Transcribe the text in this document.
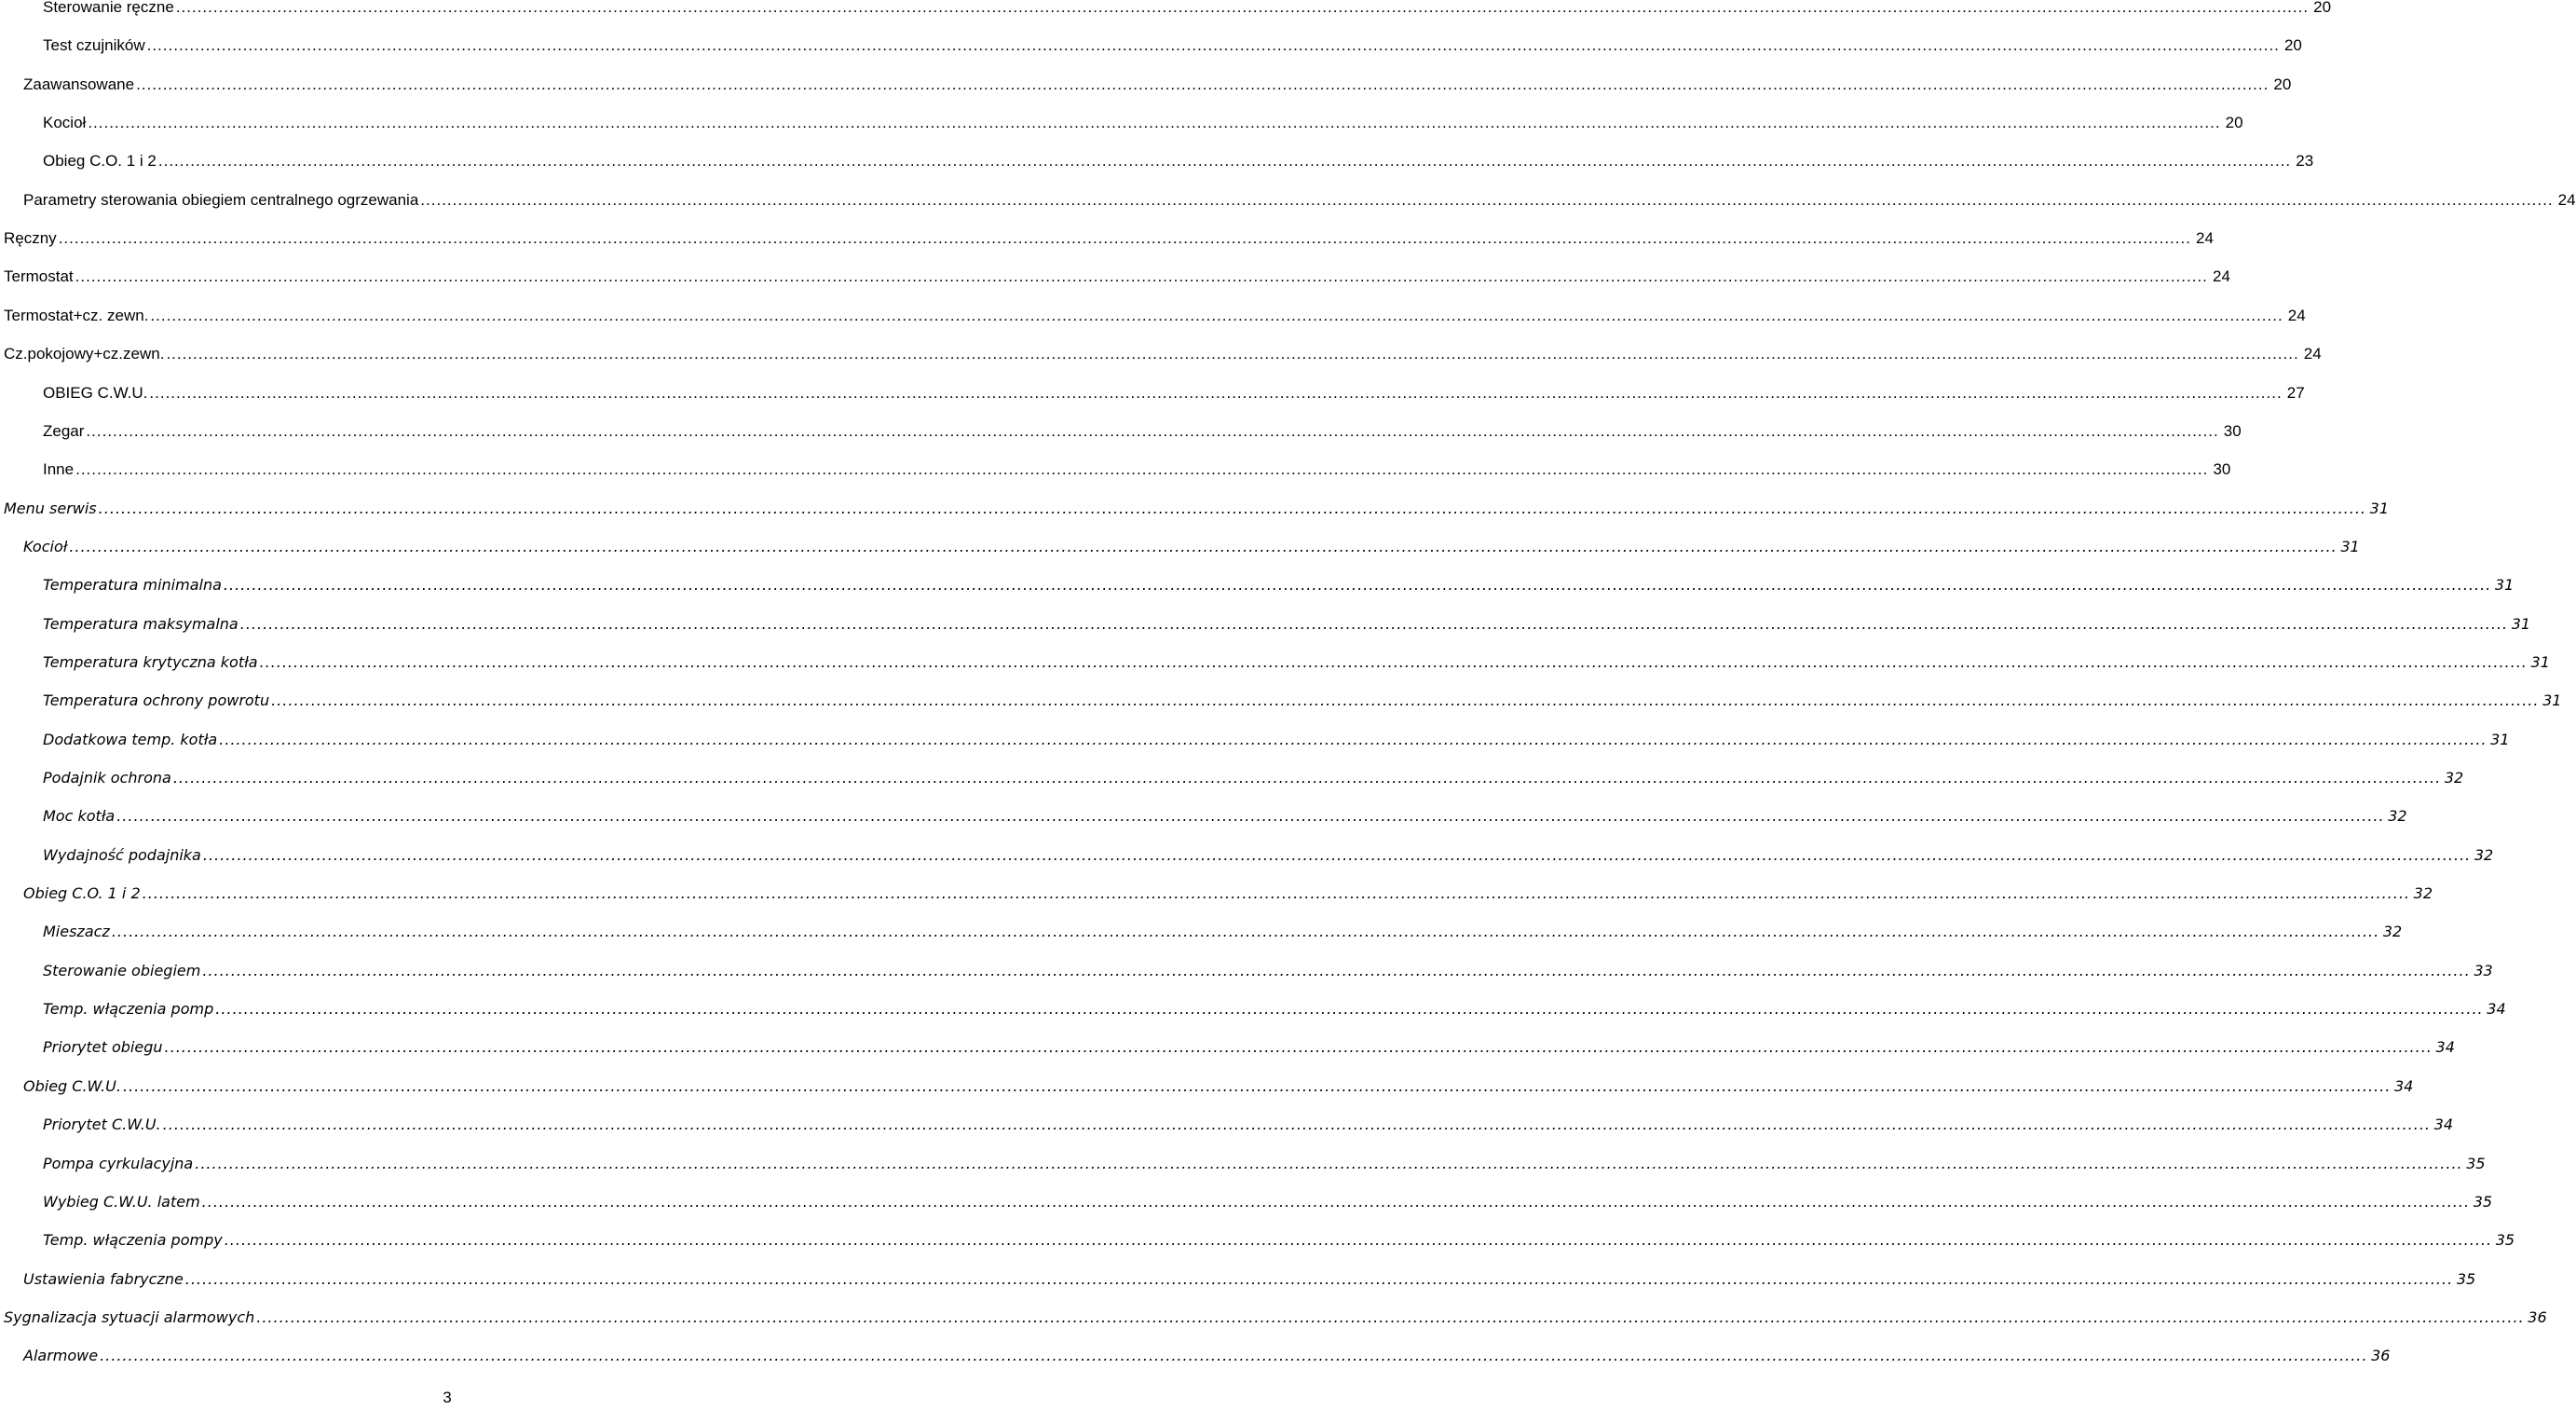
Sterowanie ręczne ................................................................................................................................................................................................................................................................................................................................................................................................................ 20
Test czujników ................................................................................................................................................................................................................................................................................................................................................................................................................ 20
Zaawansowane ................................................................................................................................................................................................................................................................................................................................................................................................................ 20
Kocioł ................................................................................................................................................................................................................................................................................................................................................................................................................ 20
Obieg C.O. 1 i 2 ................................................................................................................................................................................................................................................................................................................................................................................................................ 23
Parametry sterowania obiegiem centralnego ogrzewania ................................................................................................................................................................................................................................................................................................................................................................................................................ 24
Ręczny ................................................................................................................................................................................................................................................................................................................................................................................................................ 24
Termostat ................................................................................................................................................................................................................................................................................................................................................................................................................ 24
Termostat+cz. zewn. ................................................................................................................................................................................................................................................................................................................................................................................................................ 24
Cz.pokojowy+cz.zewn. ................................................................................................................................................................................................................................................................................................................................................................................................................ 24
OBIEG C.W.U. ................................................................................................................................................................................................................................................................................................................................................................................................................ 27
Zegar ................................................................................................................................................................................................................................................................................................................................................................................................................ 30
Inne ................................................................................................................................................................................................................................................................................................................................................................................................................ 30
Menu serwis ................................................................................................................................................................................................................................................................................................................................................................................................................ 31
Kocioł ................................................................................................................................................................................................................................................................................................................................................................................................................ 31
Temperatura minimalna ................................................................................................................................................................................................................................................................................................................................................................................................................ 31
Temperatura maksymalna ................................................................................................................................................................................................................................................................................................................................................................................................................ 31
Temperatura krytyczna kotła ................................................................................................................................................................................................................................................................................................................................................................................................................ 31
Temperatura ochrony powrotu ................................................................................................................................................................................................................................................................................................................................................................................................................ 31
Dodatkowa temp. kotła ................................................................................................................................................................................................................................................................................................................................................................................................................ 31
Podajnik ochrona ................................................................................................................................................................................................................................................................................................................................................................................................................ 32
Moc kotła ................................................................................................................................................................................................................................................................................................................................................................................................................ 32
Wydajność podajnika ................................................................................................................................................................................................................................................................................................................................................................................................................ 32
Obieg C.O. 1 i 2 ................................................................................................................................................................................................................................................................................................................................................................................................................ 32
Mieszacz ................................................................................................................................................................................................................................................................................................................................................................................................................ 32
Sterowanie obiegiem ................................................................................................................................................................................................................................................................................................................................................................................................................ 33
Temp. włączenia pomp ................................................................................................................................................................................................................................................................................................................................................................................................................ 34
Priorytet obiegu ................................................................................................................................................................................................................................................................................................................................................................................................................ 34
Obieg C.W.U. ................................................................................................................................................................................................................................................................................................................................................................................................................ 34
Priorytet C.W.U. ................................................................................................................................................................................................................................................................................................................................................................................................................ 34
Pompa cyrkulacyjna ................................................................................................................................................................................................................................................................................................................................................................................................................ 35
Wybieg C.W.U. latem ................................................................................................................................................................................................................................................................................................................................................................................................................ 35
Temp. włączenia pompy ................................................................................................................................................................................................................................................................................................................................................................................................................ 35
Ustawienia fabryczne ................................................................................................................................................................................................................................................................................................................................................................................................................ 35
Sygnalizacja sytuacji alarmowych ................................................................................................................................................................................................................................................................................................................................................................................................................ 36
Alarmowe ................................................................................................................................................................................................................................................................................................................................................................................................................ 36
3
